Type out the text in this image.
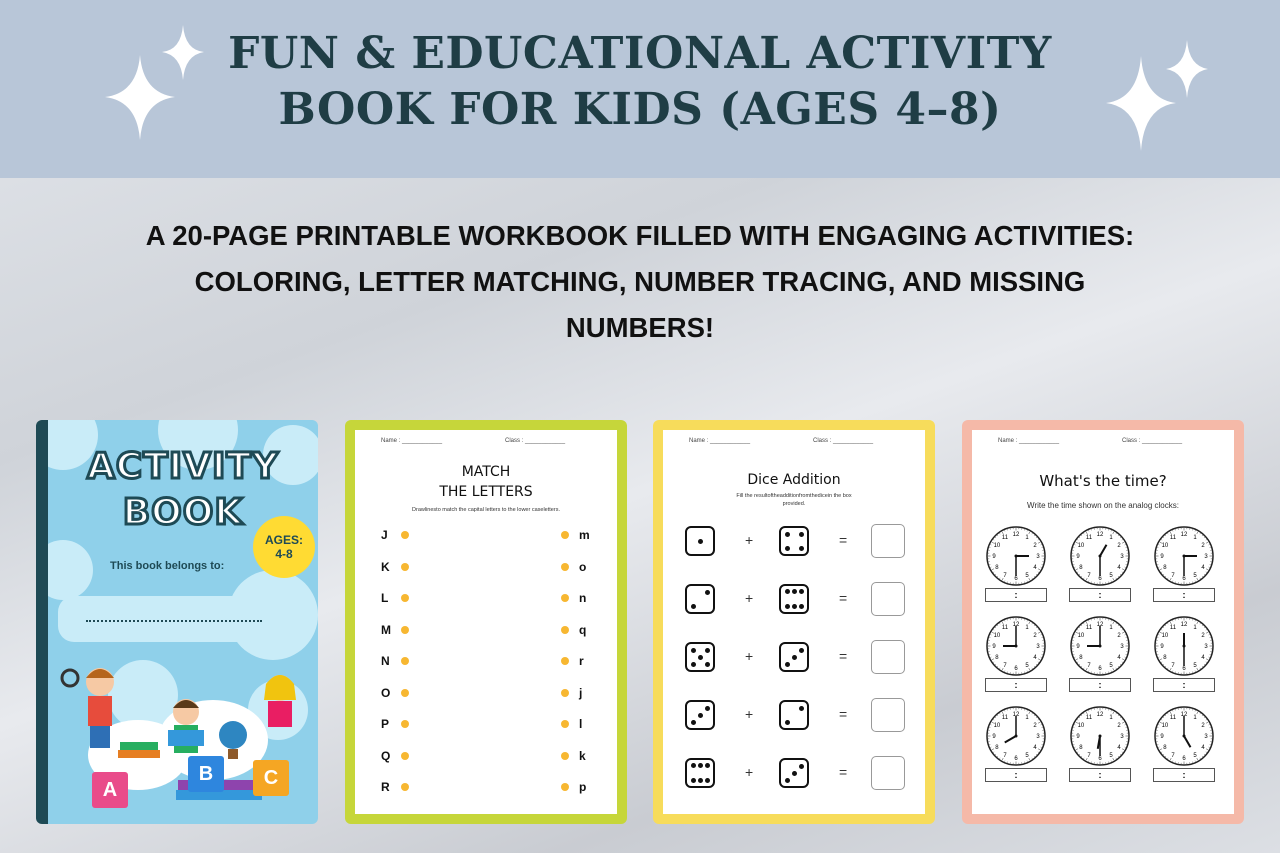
FUN & EDUCATIONAL ACTIVITY
BOOK FOR KIDS (AGES 4–8)
A 20-PAGE PRINTABLE WORKBOOK FILLED WITH ENGAGING ACTIVITIES:
COLORING, LETTER MATCHING, NUMBER TRACING, AND MISSING
NUMBERS!
ACTIVITY
BOOK
AGES:
4-8
This book belongs to:
A
B	C
Name : ____________	Class : ____________
MATCH
THE LETTERS
Drawlinesto match the capital letters to the lower caseletters.
J	m
K	o
L	n
M	q
N	r
O	j
P	l
Q	k
R	p
Name : ____________	Class : ____________
Dice Addition
Fill the resultoftheadditionfromthedicein the box
provided.
+	=
+	=
+	=
+	=
+	=
Name : ____________	Class : ____________
What's the time?
Write the time shown on the analog clocks:
12 1
2
3
4
5
6
7
8
9
10
11
:
12 1
2
3
4
5
6
7
8
9
10
11
:
12 1
2
3
4
5
6
7
8
9
10
11
:
12 1
2
3
4
5
6
7
8
9
10
11
:
12 1
2
3
4
5
6
7
8
9
10
11
:
12 1
2
3
4
5
6
7
8
9
10
11
:
12 1
2
3
4
5
6
7
8
9
10
11
:
12 1
2
3
4
5
6
7
8
9
10
11
:
12 1
2
3
4
5
6
7
8
9
10
11
:
